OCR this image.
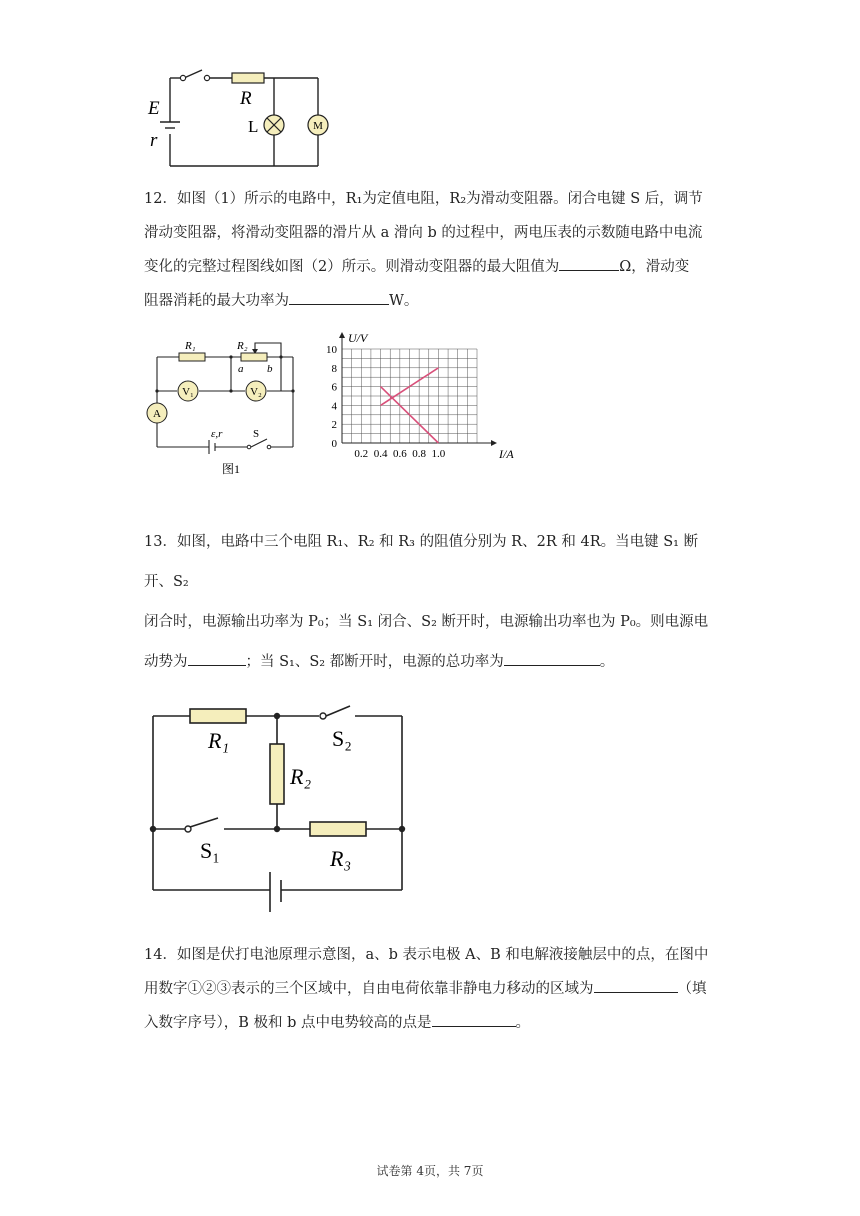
M
E
r
R
L
12．如图（1）所示的电路中，R₁为定值电阻，R₂为滑动变阻器。闭合电键 S 后，调节
滑动变阻器，将滑动变阻器的滑片从 a 滑向 b 的过程中，两电压表的示数随电路中电流
变化的完整过程图线如图（2）所示。则滑动变阻器的最大阻值为	Ω，滑动变
阻器消耗的最大功率为	W。
V₁	V₂
A
R₁	R₂
a b
ε,r	S
图1
0
2
4
6
8
10
0.2 0.4 0.6 0.8 1.0	I/A
U/V
13．如图，电路中三个电阻 R₁、R₂ 和 R₃ 的阻值分别为 R、2R 和 4R。当电键 S₁ 断开、S₂
闭合时，电源输出功率为 P₀；当 S₁ 闭合、S₂ 断开时，电源输出功率也为 P₀。则电源电
动势为	；当 S₁、S₂ 都断开时，电源的总功率为	。
R₁
R₂
R₃
S₁
S₂
14．如图是伏打电池原理示意图，a、b 表示电极 A、B 和电解液接触层中的点，在图中
用数字①②③表示的三个区域中，自由电荷依靠非静电力移动的区域为	（填
入数字序号），B 极和 b 点中电势较高的点是	。
试卷第 4页，共 7页
